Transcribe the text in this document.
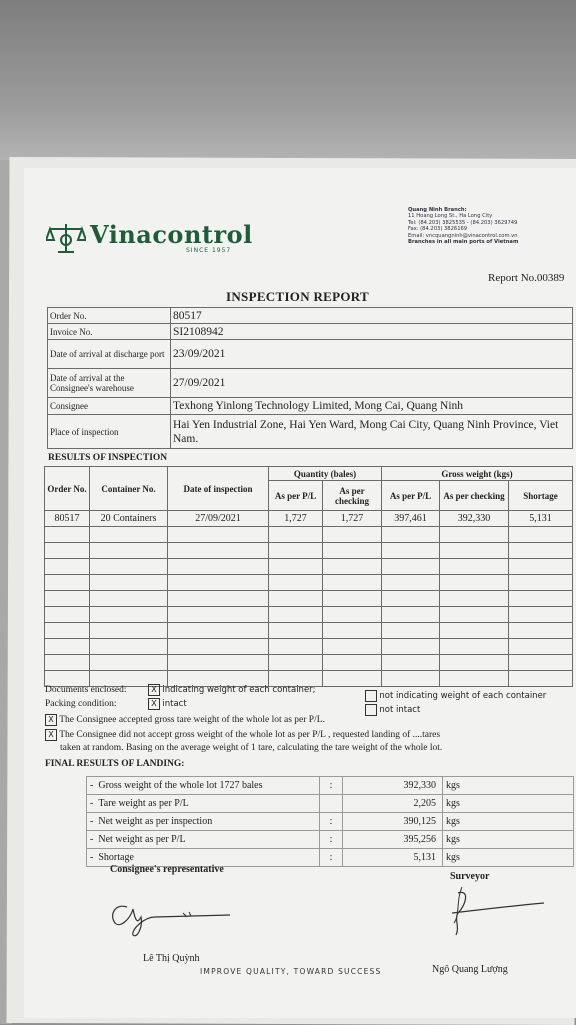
Vinacontrol
SINCE 1957
Quang Ninh Branch:
11 Hoang Long St., Ha Long City
Tel: (84.203) 3825535 - (84.203) 3629749
Fax: (84.203) 3826169
Email: vncquangninh@vinacontrol.com.vn
Branches in all main ports of Vietnam
Report No.00389
INSPECTION REPORT
Order No.	80517
Invoice No.	SI2108942
Date of arrival at discharge port	23/09/2021
Date of arrival at the Consignee's warehouse	27/09/2021
Consignee	Texhong Yinlong Technology Limited, Mong Cai, Quang Ninh
Place of inspection	Hai Yen Industrial Zone, Hai Yen Ward, Mong Cai City, Quang Ninh Province, Viet Nam.
RESULTS OF INSPECTION
Order No.	Container No.	Date of inspection	Quantity (bales)		Gross weight (kgs)		
			As per P/L	As per checking	As per P/L	As per checking	Shortage
80517	20 Containers	27/09/2021	1,727	1,727	397,461	392,330	5,131

Documents enclosed:	X indicating weight of each container;
not indicating weight of each container
Packing condition:	X intact
not intact
X The Consignee accepted gross tare weight of the whole lot as per P/L.
X The Consignee did not accept gross weight of the whole lot as per P/L , requested landing of ....tares
taken at random. Basing on the average weight of 1 tare, calculating the tare weight of the whole lot.
FINAL RESULTS OF LANDING:
- Gross weight of the whole lot 1727 bales	:	392,330	kgs
- Tare weight as per P/L		2,205	kgs
- Net weight as per inspection	:	390,125	kgs
- Net weight as per P/L	:	395,256	kgs
- Shortage	:	5,131	kgs
Consignee's representative
Surveyor
Lê Thị Quỳnh
Ngô Quang Lượng
IMPROVE QUALITY, TOWARD SUCCESS
